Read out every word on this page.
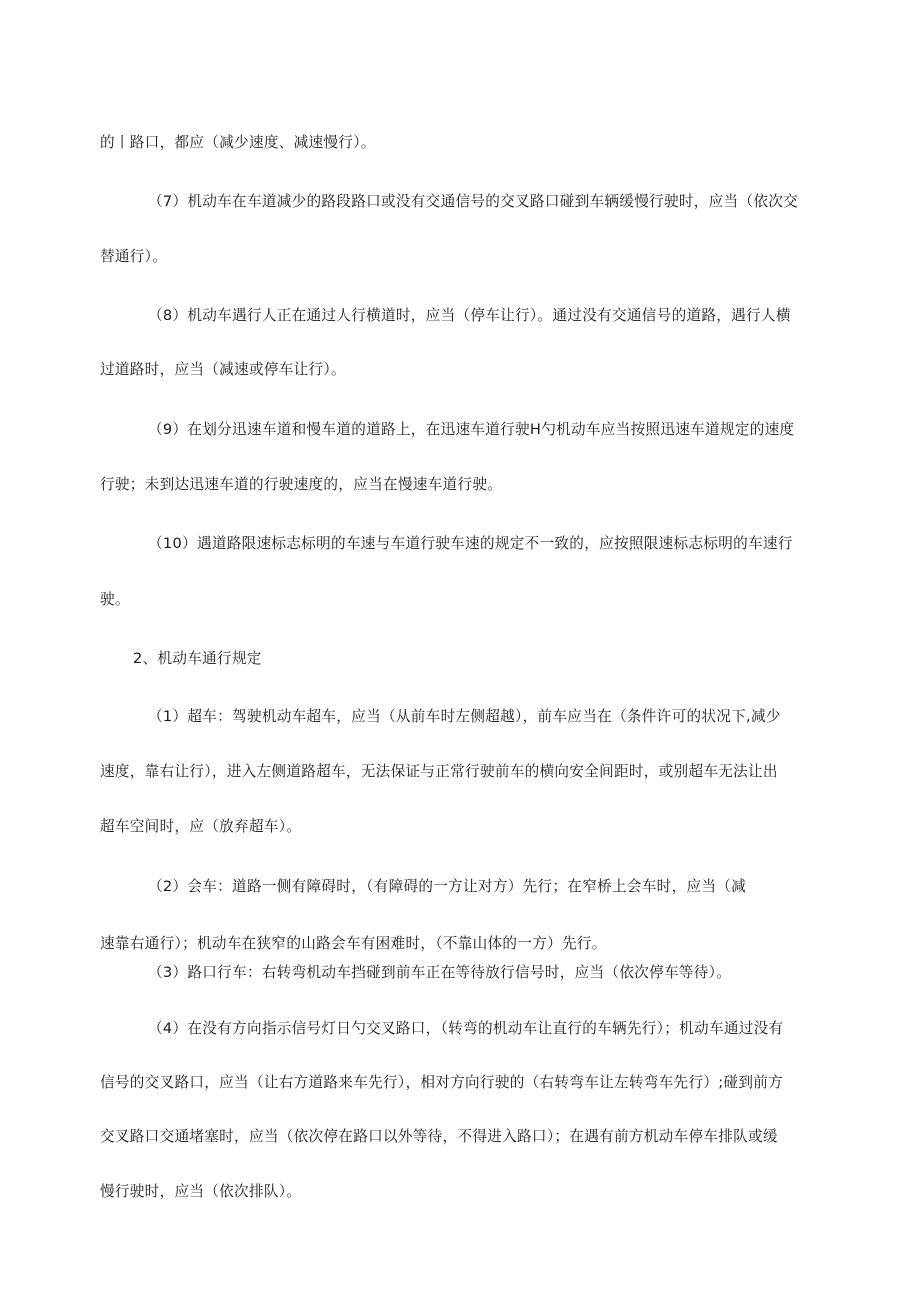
的丨路口，都应（减少速度、减速慢行）。
（7）机动车在车道减少的路段路口或没有交通信号的交叉路口碰到车辆缓慢行驶时，应当（依次交
替通行）。
（8）机动车遇行人正在通过人行横道时，应当（停车让行）。通过没有交通信号的道路，遇行人横
过道路时，应当（减速或停车让行）。
（9）在划分迅速车道和慢车道的道路上，在迅速车道行驶H勺机动车应当按照迅速车道规定的速度
行驶；未到达迅速车道的行驶速度的，应当在慢速车道行驶。
（10）遇道路限速标志标明的车速与车道行驶车速的规定不一致的，应按照限速标志标明的车速行
驶。
2、机动车通行规定
（1）超车：驾驶机动车超车，应当（从前车时左侧超越），前车应当在（条件许可的状况下,减少
速度，靠右让行），进入左侧道路超车，无法保证与正常行驶前车的横向安全间距时，或别超车无法让出
超车空间时，应（放弃超车）。
（2）会车：道路一侧有障碍时，（有障碍的一方让对方）先行；在窄桥上会车时，应当（减
速靠右通行）；机动车在狭窄的山路会车有困难时，（不靠山体的一方）先行。
（3）路口行车：右转弯机动车挡碰到前车正在等待放行信号时，应当（依次停车等待）。
（4）在没有方向指示信号灯日勺交叉路口，（转弯的机动车让直行的车辆先行）；机动车通过没有
信号的交叉路口，应当（让右方道路来车先行），相对方向行驶的（右转弯车让左转弯车先行）;碰到前方
交叉路口交通堵塞时，应当（依次停在路口以外等待，不得进入路口）；在遇有前方机动车停车排队或缓
慢行驶时，应当（依次排队）。
